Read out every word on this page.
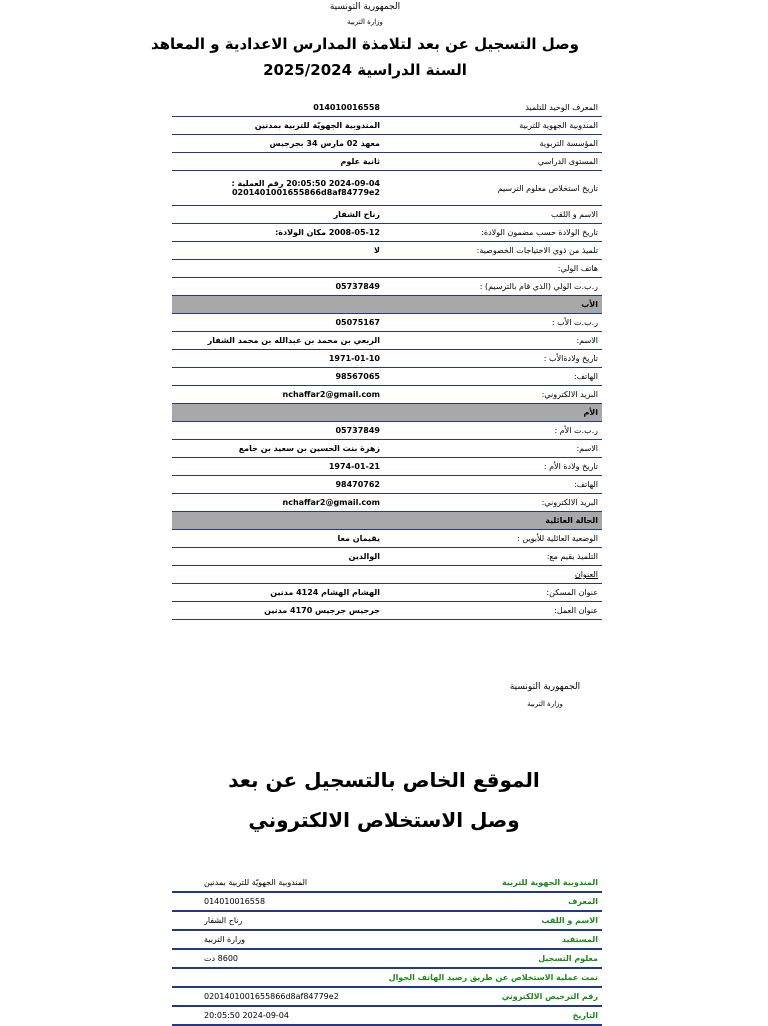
الجمهورية التونسية
وزارة التربية
وصل التسجيل عن بعد لتلامذة المدارس الاعدادية و المعاهد
السنة الدراسية 2025/2024
المعرف الوحيد للتلميذ	014010016558
المندوبية الجهوية للتربية	المندوبية الجهويّة للتربية بمدنين
المؤسسة التربوية	معهد 02 مارس 34 بجرجيس
المستوى الدراسي	ثانية علوم
تاريخ استخلاص معلوم الترسيم	2024-09-04 20:05:50 رقم العملية :
0201401001655866d8af84779e2

الاسم و اللقب	رناح الشفار
تاريخ الولادة حسب مضمون الولادة:	2008-05-12 مكان الولادة:
تلميذ من ذوي الاحتياجات الخصوصية:	لا
هاتف الولي:	
ر.ب.ت الولي (الذي قام بالترسيم) :	05737849
الأب	
ر.ب.ت الأب :	05075167
الاسم:	الربعي بن محمد بن عبدالله بن محمد الشفار
تاريخ ولادةالأب :	1971-01-10
الهاتف:	98567065
البريد الالكتروني:	nchaffar2@gmail.com
الأم	
ر.ب.ت الأم :	05737849
الاسم:	زهرة بنت الحسين بن سعيد بن جامع
تاريخ ولادة الأم :	1974-01-21
الهاتف:	98470762
البريد الالكتروني:	nchaffar2@gmail.com
الحالة العائلية	
الوضعية العائلية للأبوين :	يقيمان معا
التلميذ يقيم مع:	الوالدين
العنوان	
عنوان المسكن:	الهشام الهشام 4124 مدنين
عنوان العمل:	جرجيس جرجيس 4170 مدنين
الجمهورية التونسية
وزارة التربية
الموقع الخاص بالتسجيل عن بعد
وصل الاستخلاص الالكتروني
المندوبية الجهوية للتربية	المندوبية الجهويّة للتربية بمدنين

المعرف	014010016558

الاسم و اللقب	رناح الشفار

المستفيد	وزارة التربية

معلوم التسجيل	8600 دت

تمت عملية الاستخلاص عن طريق رصيد الهاتف الجوال	
رقم الترخيص الالكتروني	0201401001655866d8af84779e2

التاريخ	2024-09-04 20:05:50
